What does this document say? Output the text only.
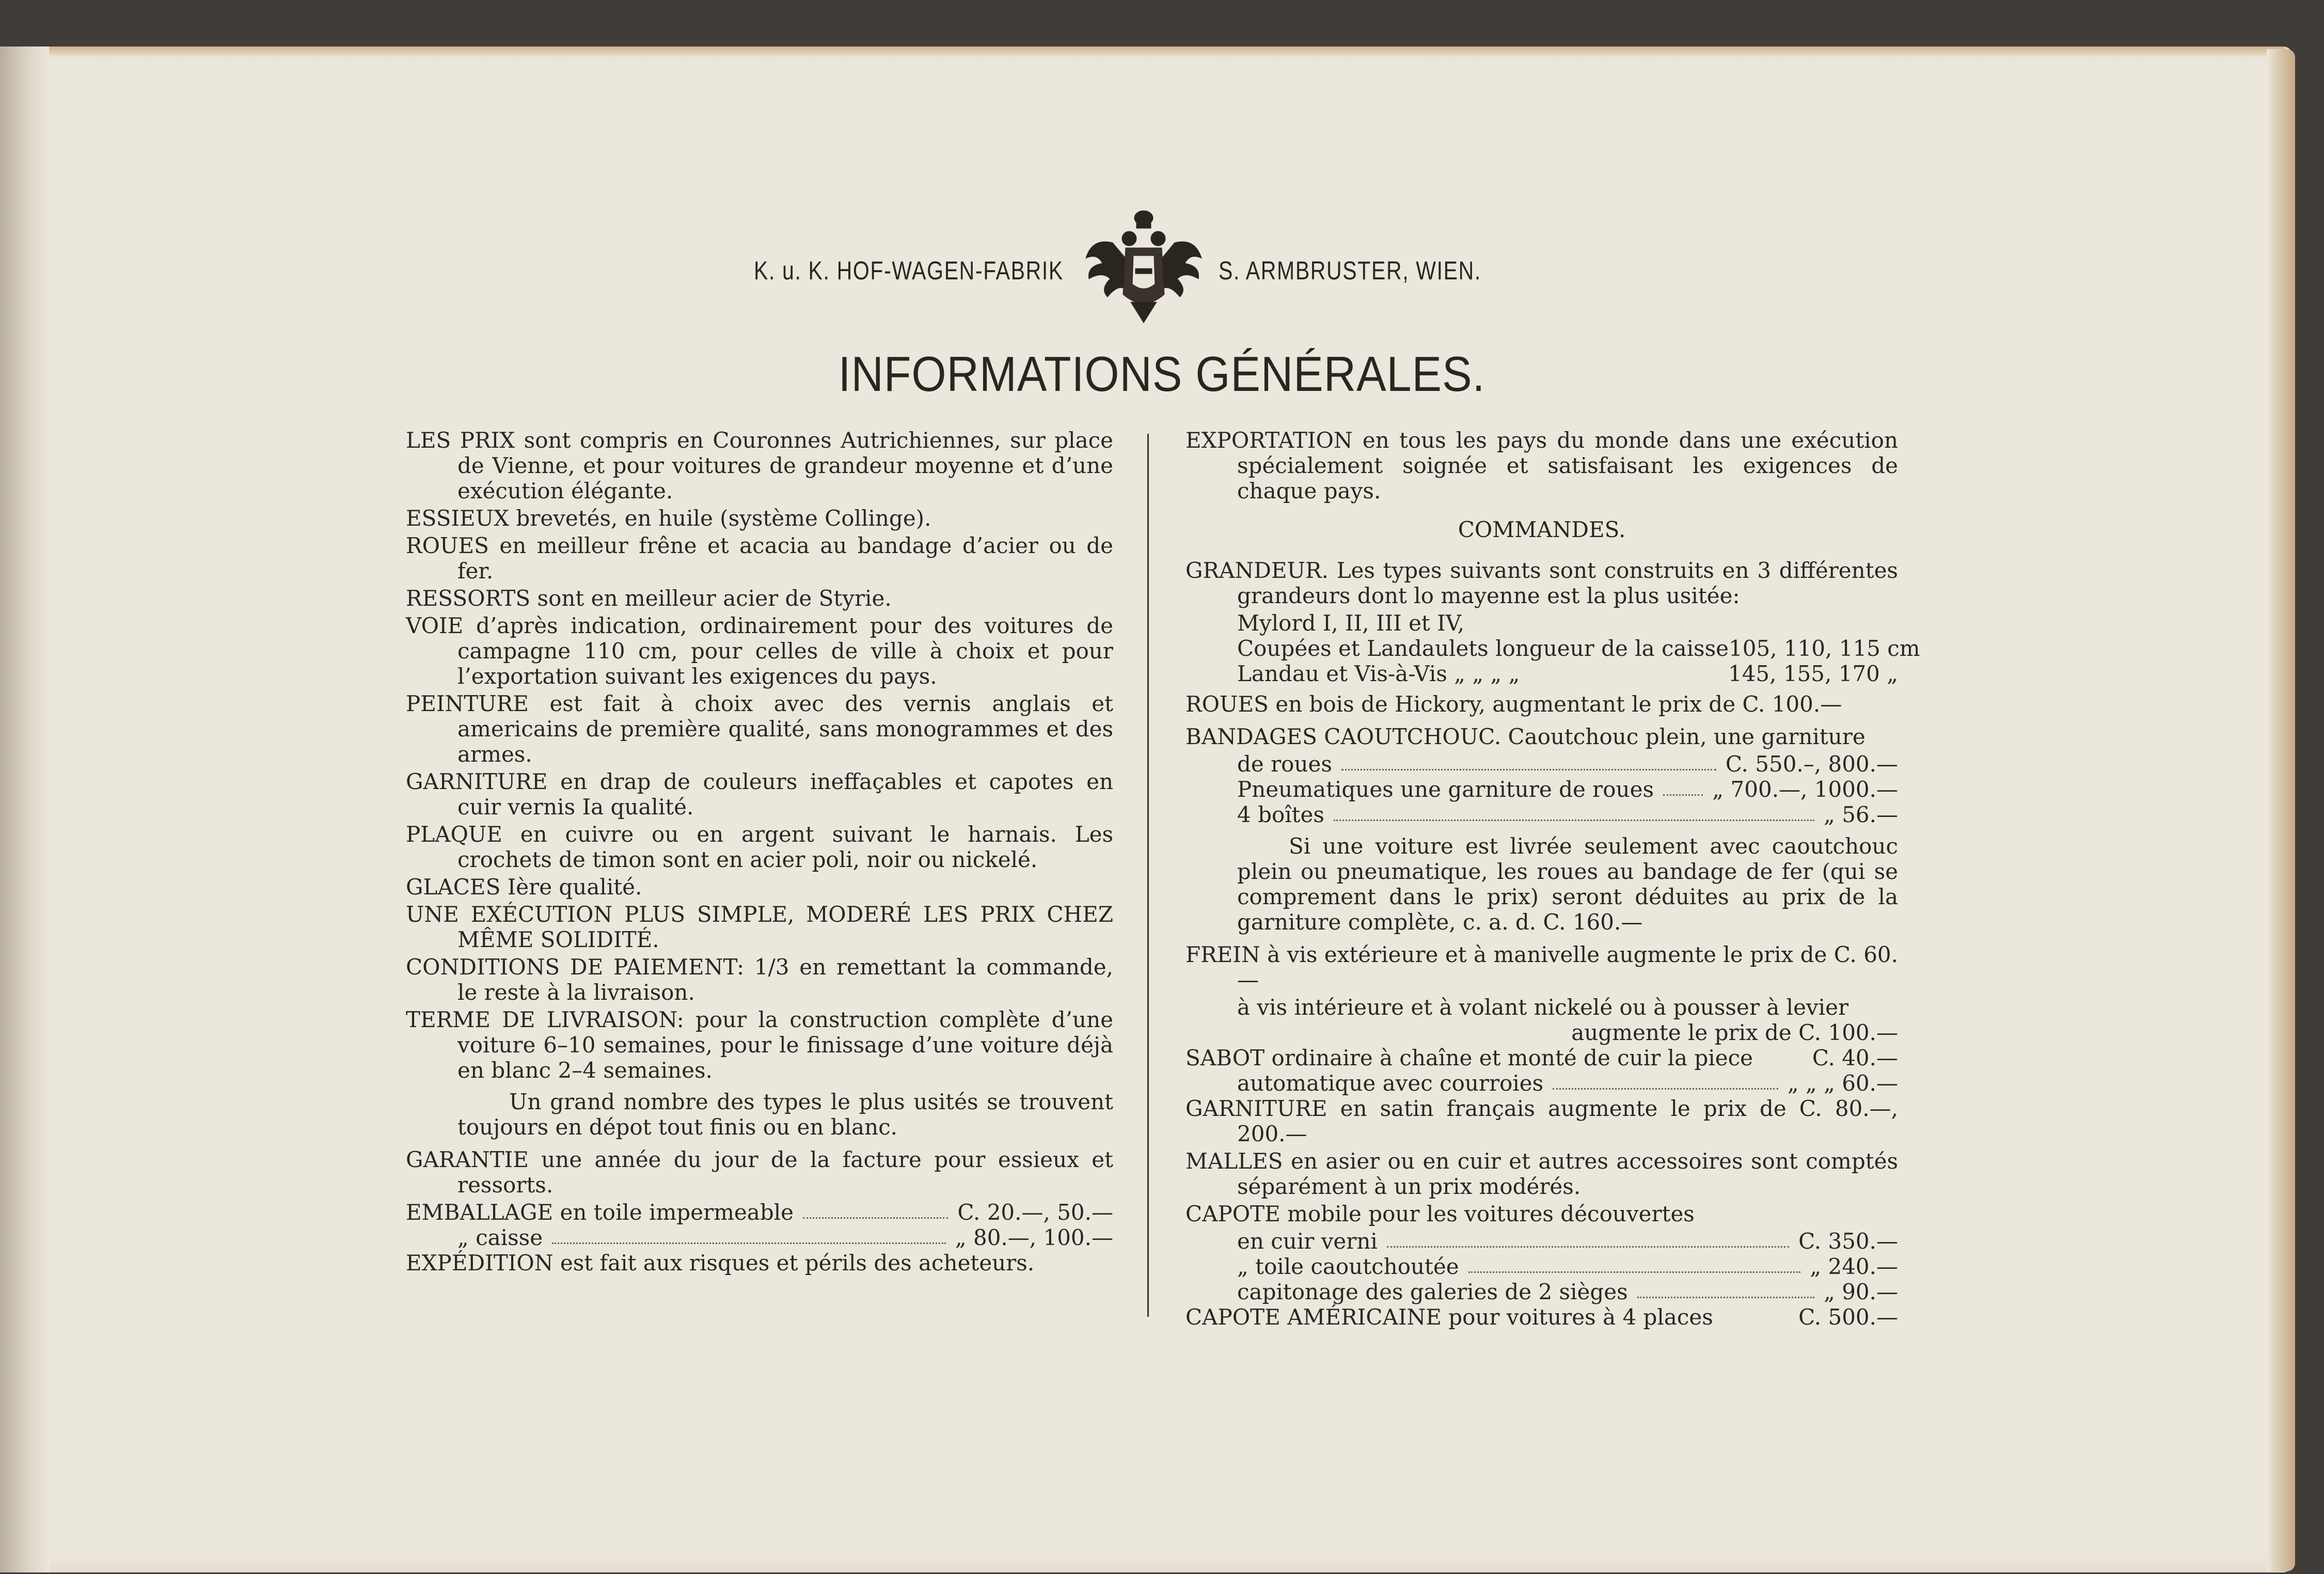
K. u. K. HOF-WAGEN-FABRIK	S. ARMBRUSTER, WIEN.
INFORMATIONS GÉNÉRALES.

LES PRIX sont compris en Couronnes Autrichiennes, sur place de Vienne, et pour voitures de grandeur moyenne et d’une exécution élégante.

ESSIEUX brevetés, en huile (système Collinge).

ROUES en meilleur frêne et acacia au bandage d’acier ou de fer.

RESSORTS sont en meilleur acier de Styrie.

VOIE d’après indication, ordinairement pour des voitures de campagne 110 cm, pour celles de ville à choix et pour l’exportation suivant les exigences du pays.

PEINTURE est fait à choix avec des vernis anglais et americains de première qualité, sans monogrammes et des armes.

GARNITURE en drap de couleurs ineffaçables et capotes en cuir vernis Ia qualité.

PLAQUE en cuivre ou en argent suivant le harnais. Les crochets de timon sont en acier poli, noir ou nickelé.

GLACES Ière qualité.

UNE EXÉCUTION PLUS SIMPLE, MODERÉ LES PRIX CHEZ MÊME SOLIDITÉ.

CONDITIONS DE PAIEMENT: 1/3 en remettant la commande, le reste à la livraison.

TERME DE LIVRAISON: pour la construction complète d’une voiture 6–10 semaines, pour le finissage d’une voiture déjà en blanc 2–4 semaines.

Un grand nombre des types le plus usités se trouvent toujours en dépot tout finis ou en blanc.

GARANTIE une année du jour de la facture pour essieux et ressorts.

EMBALLAGE en toile impermeable	C. 20.—, 50.—
„ caisse	„ 80.—, 100.—

EXPÉDITION est fait aux risques et périls des acheteurs.

EXPORTATION en tous les pays du monde dans une exécution spécialement soignée et satisfaisant les exigences de chaque pays.

COMMANDES.

GRANDEUR. Les types suivants sont construits en 3 différentes grandeurs dont lo mayenne est la plus usitée:

Mylord I, II, III et IV,

Coupées et Landaulets longueur de la caisse 105, 110, 115 cm
Landau et Vis-à-Vis „ „ „ „	145, 155, 170 „

ROUES en bois de Hickory, augmentant le prix de C. 100.—

BANDAGES CAOUTCHOUC. Caoutchouc plein, une garniture

de roues	C. 550.–, 800.—
Pneumatiques une garniture de roues	„ 700.—, 1000.—
4 boîtes	„ 56.—

Si une voiture est livrée seulement avec caoutchouc plein ou pneumatique, les roues au bandage de fer (qui se comprement dans le prix) seront déduites au prix de la garniture complète, c. a. d. C. 160.—

FREIN à vis extérieure et à manivelle augmente le prix de C. 60.—

à vis intérieure et à volant nickelé ou à pousser à levier

augmente le prix de C. 100.—

SABOT ordinaire à chaîne et monté de cuir la piece	C. 40.—
automatique avec courroies	„ „ „ 60.—

GARNITURE en satin français augmente le prix de C. 80.—, 200.—

MALLES en asier ou en cuir et autres accessoires sont comptés séparément à un prix modérés.

CAPOTE mobile pour les voitures découvertes

en cuir verni	C. 350.—
„ toile caoutchoutée	„ 240.—
capitonage des galeries de 2 sièges	„ 90.—
CAPOTE AMÉRICAINE pour voitures à 4 places	C. 500.—
